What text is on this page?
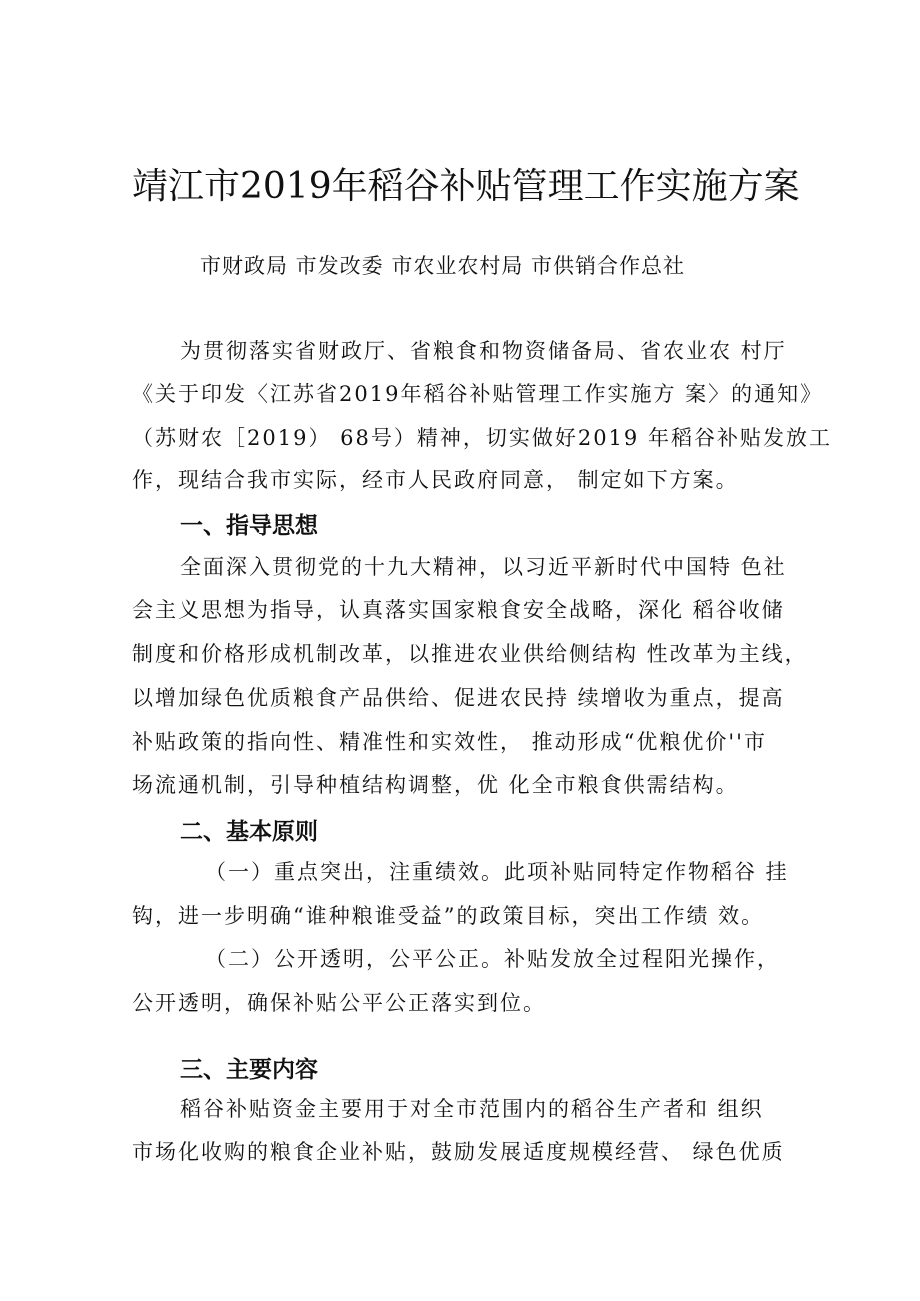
靖江市2019年稻谷补贴管理工作实施方案
市财政局 市发改委 市农业农村局 市供销合作总社
为贯彻落实省财政厅、省粮食和物资储备局、省农业农 村厅
《关于印发〈江苏省2019年稻谷补贴管理工作实施方 案〉的通知》
（苏财农［2019） 68号）精神，切实做好2019 年稻谷补贴发放工
作，现结合我市实际，经市人民政府同意， 制定如下方案。
一、指导思想
全面深入贯彻党的十九大精神，以习近平新时代中国特 色社
会主义思想为指导，认真落实国家粮食安全战略，深化 稻谷收储
制度和价格形成机制改革，以推进农业供给侧结构 性改革为主线，
以增加绿色优质粮食产品供给、促进农民持 续增收为重点，提高
补贴政策的指向性、精准性和实效性， 推动形成“优粮优价''市
场流通机制，引导种植结构调整，优 化全市粮食供需结构。
二、基本原则
（一）重点突出，注重绩效。此项补贴同特定作物稻谷 挂
钩，进一步明确“谁种粮谁受益”的政策目标，突出工作绩 效。
（二）公开透明，公平公正。补贴发放全过程阳光操作，
公开透明，确保补贴公平公正落实到位。
三、主要内容
稻谷补贴资金主要用于对全市范围内的稻谷生产者和 组织
市场化收购的粮食企业补贴，鼓励发展适度规模经营、 绿色优质
